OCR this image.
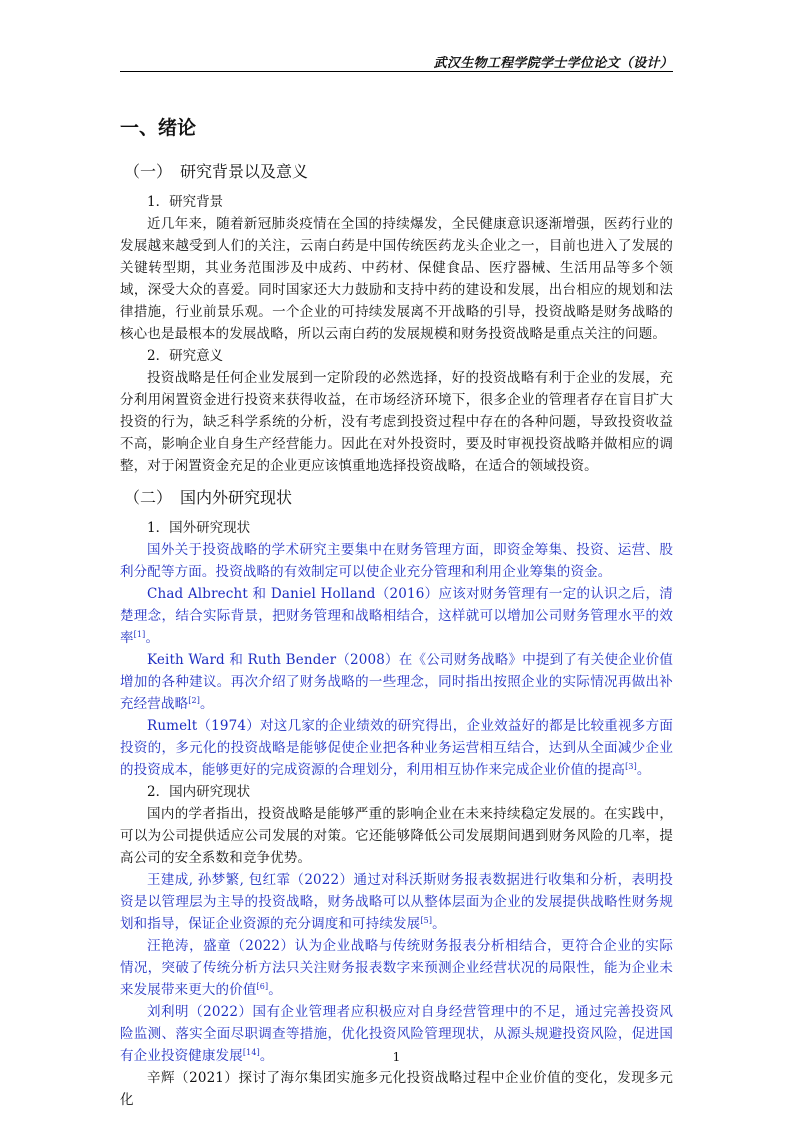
武汉生物工程学院学士学位论文（设计）
一、绪论
（一） 研究背景以及意义
1．研究背景

近几年来，随着新冠肺炎疫情在全国的持续爆发，全民健康意识逐渐增强，医药行业的发展越来越受到人们的关注，云南白药是中国传统医药龙头企业之一，目前也进入了发展的关键转型期，其业务范围涉及中成药、中药材、保健食品、医疗器械、生活用品等多个领域，深受大众的喜爱。同时国家还大力鼓励和支持中药的建设和发展，出台相应的规划和法律措施，行业前景乐观。一个企业的可持续发展离不开战略的引导，投资战略是财务战略的核心也是最根本的发展战略，所以云南白药的发展规模和财务投资战略是重点关注的问题。

2．研究意义

投资战略是任何企业发展到一定阶段的必然选择，好的投资战略有利于企业的发展，充分利用闲置资金进行投资来获得收益，在市场经济环境下，很多企业的管理者存在盲目扩大投资的行为，缺乏科学系统的分析，没有考虑到投资过程中存在的各种问题，导致投资收益不高，影响企业自身生产经营能力。因此在对外投资时，要及时审视投资战略并做相应的调整，对于闲置资金充足的企业更应该慎重地选择投资战略，在适合的领域投资。

（二） 国内外研究现状
1．国外研究现状

国外关于投资战略的学术研究主要集中在财务管理方面，即资金筹集、投资、运营、股利分配等方面。投资战略的有效制定可以使企业充分管理和利用企业筹集的资金。

Chad Albrecht 和 Daniel Holland（2016）应该对财务管理有一定的认识之后，清楚理念，结合实际背景，把财务管理和战略相结合，这样就可以增加公司财务管理水平的效率[1]。

Keith Ward 和 Ruth Bender（2008）在《公司财务战略》中提到了有关使企业价值增加的各种建议。再次介绍了财务战略的一些理念，同时指出按照企业的实际情况再做出补充经营战略[2]。

Rumelt（1974）对这几家的企业绩效的研究得出，企业效益好的都是比较重视多方面投资的，多元化的投资战略是能够促使企业把各种业务运营相互结合，达到从全面减少企业的投资成本，能够更好的完成资源的合理划分，利用相互协作来完成企业价值的提高[3]。

2．国内研究现状

国内的学者指出，投资战略是能够严重的影响企业在未来持续稳定发展的。在实践中，可以为公司提供适应公司发展的对策。它还能够降低公司发展期间遇到财务风险的几率，提高公司的安全系数和竞争优势。

王建成, 孙梦繁, 包红霏（2022）通过对科沃斯财务报表数据进行收集和分析，表明投资是以管理层为主导的投资战略，财务战略可以从整体层面为企业的发展提供战略性财务规划和指导，保证企业资源的充分调度和可持续发展[5]。

汪艳涛，盛童（2022）认为企业战略与传统财务报表分析相结合，更符合企业的实际情况，突破了传统分析方法只关注财务报表数字来预测企业经营状况的局限性，能为企业未来发展带来更大的价值[6]。

刘利明（2022）国有企业管理者应积极应对自身经营管理中的不足，通过完善投资风险监测、落实全面尽职调查等措施，优化投资风险管理现状，从源头规避投资风险，促进国有企业投资健康发展[14]。

辛辉（2021）探讨了海尔集团实施多元化投资战略过程中企业价值的变化，发现多元化

1
